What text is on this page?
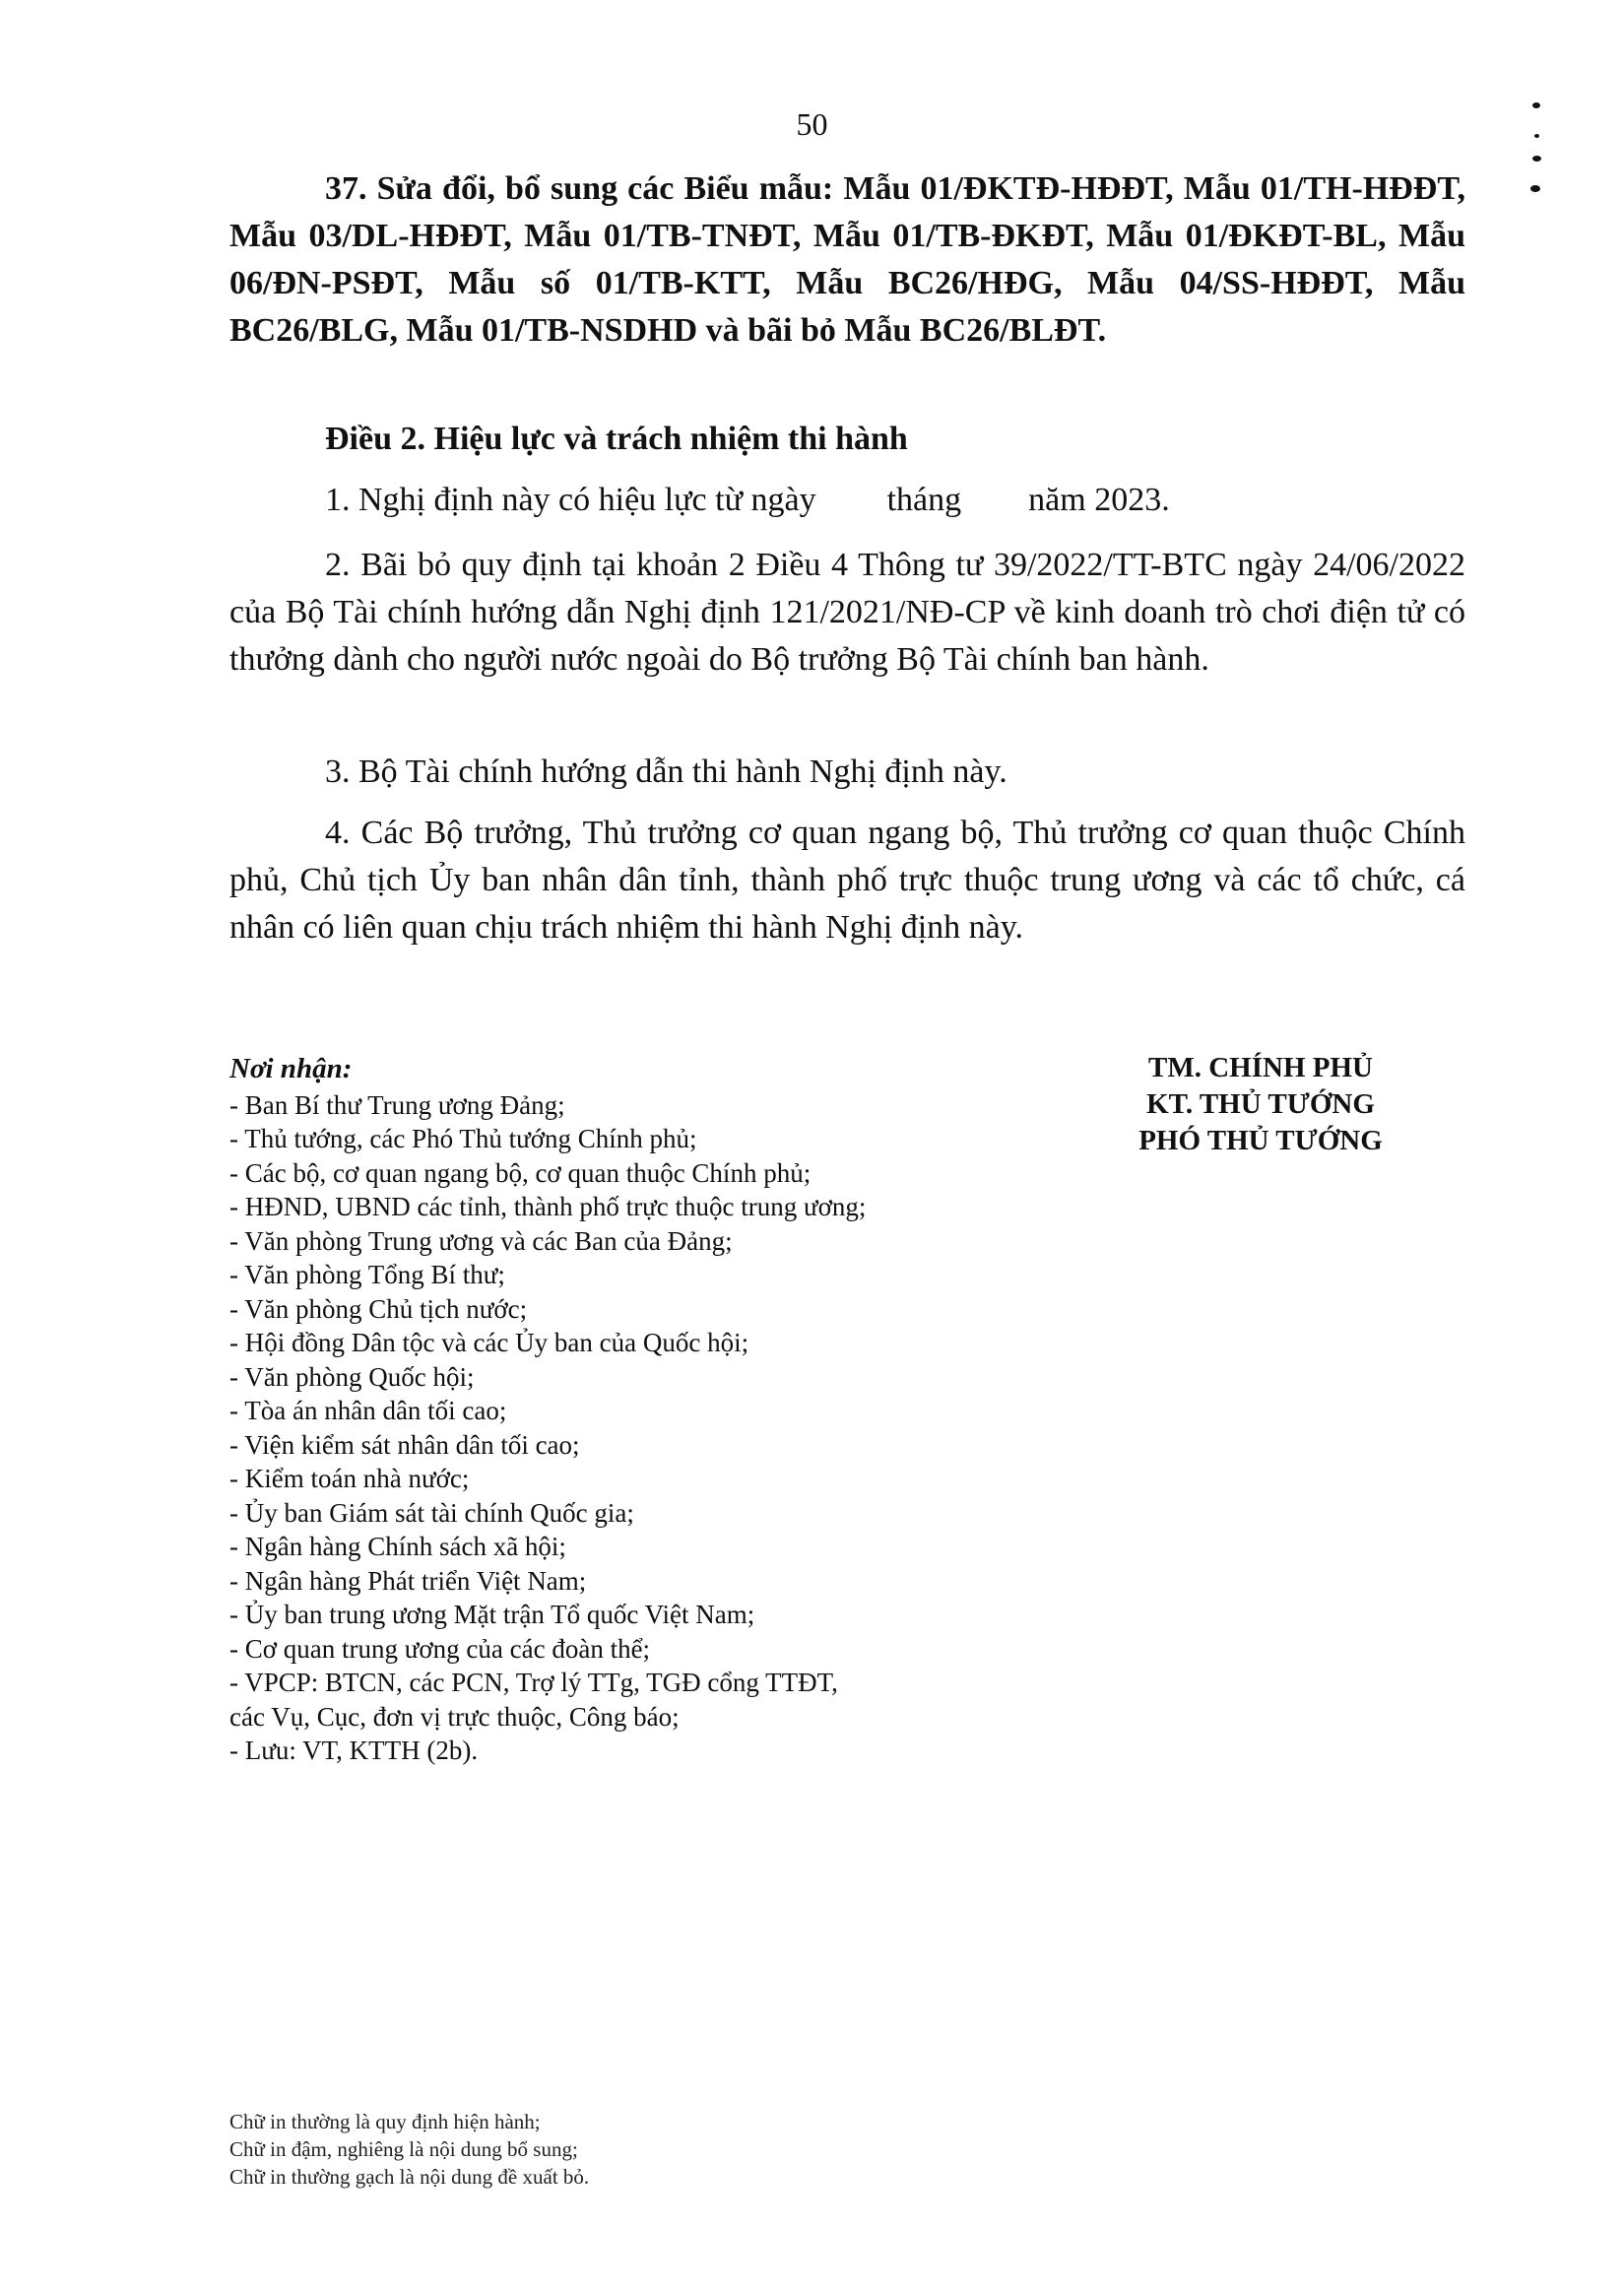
50

37. Sửa đổi, bổ sung các Biểu mẫu: Mẫu 01/ĐKTĐ-HĐĐT, Mẫu 01/TH-HĐĐT, Mẫu 03/DL-HĐĐT, Mẫu 01/TB-TNĐT, Mẫu 01/TB-ĐKĐT, Mẫu 01/ĐKĐT-BL, Mẫu 06/ĐN-PSĐT, Mẫu số 01/TB-KTT, Mẫu BC26/HĐG, Mẫu 04/SS-HĐĐT, Mẫu BC26/BLG, Mẫu 01/TB-NSDHD và bãi bỏ Mẫu BC26/BLĐT.

Điều 2. Hiệu lực và trách nhiệm thi hành

1. Nghị định này có hiệu lực từ ngày tháng năm 2023.

2. Bãi bỏ quy định tại khoản 2 Điều 4 Thông tư 39/2022/TT-BTC ngày 24/06/2022 của Bộ Tài chính hướng dẫn Nghị định 121/2021/NĐ-CP về kinh doanh trò chơi điện tử có thưởng dành cho người nước ngoài do Bộ trưởng Bộ Tài chính ban hành.

3. Bộ Tài chính hướng dẫn thi hành Nghị định này.

4. Các Bộ trưởng, Thủ trưởng cơ quan ngang bộ, Thủ trưởng cơ quan thuộc Chính phủ, Chủ tịch Ủy ban nhân dân tỉnh, thành phố trực thuộc trung ương và các tổ chức, cá nhân có liên quan chịu trách nhiệm thi hành Nghị định này.

Nơi nhận:
- Ban Bí thư Trung ương Đảng;
- Thủ tướng, các Phó Thủ tướng Chính phủ;
- Các bộ, cơ quan ngang bộ, cơ quan thuộc Chính phủ;
- HĐND, UBND các tỉnh, thành phố trực thuộc trung ương;
- Văn phòng Trung ương và các Ban của Đảng;
- Văn phòng Tổng Bí thư;
- Văn phòng Chủ tịch nước;
- Hội đồng Dân tộc và các Ủy ban của Quốc hội;
- Văn phòng Quốc hội;
- Tòa án nhân dân tối cao;
- Viện kiểm sát nhân dân tối cao;
- Kiểm toán nhà nước;
- Ủy ban Giám sát tài chính Quốc gia;
- Ngân hàng Chính sách xã hội;
- Ngân hàng Phát triển Việt Nam;
- Ủy ban trung ương Mặt trận Tổ quốc Việt Nam;
- Cơ quan trung ương của các đoàn thể;
- VPCP: BTCN, các PCN, Trợ lý TTg, TGĐ cổng TTĐT,
các Vụ, Cục, đơn vị trực thuộc, Công báo;
- Lưu: VT, KTTH (2b).
TM. CHÍNH PHỦ
KT. THỦ TƯỚNG
PHÓ THỦ TƯỚNG
Chữ in thường là quy định hiện hành;
Chữ in đậm, nghiêng là nội dung bổ sung;
Chữ in thường gạch là nội dung đề xuất bỏ.
